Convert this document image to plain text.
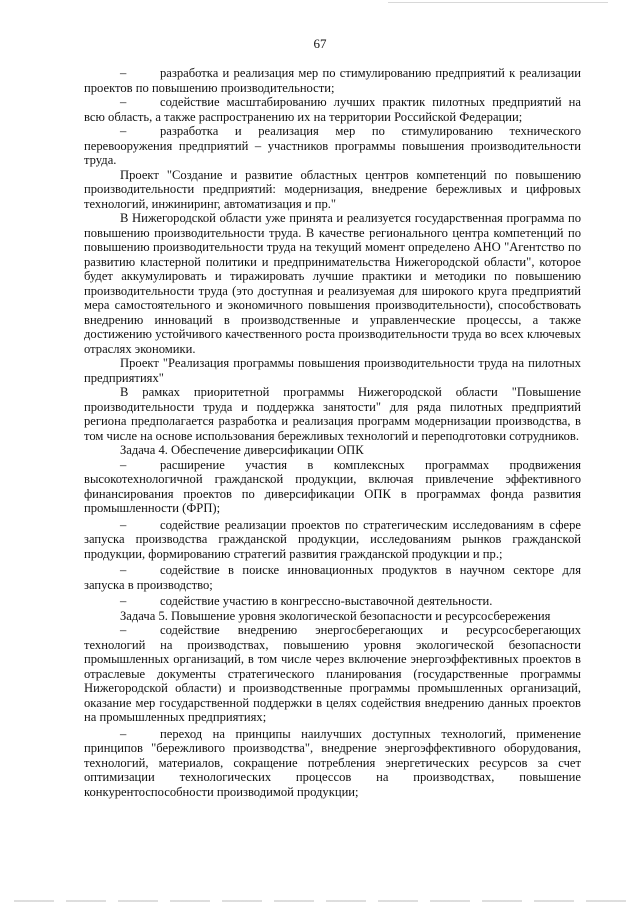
67

–	разработка и реализация мер по стимулированию предприятий к реализации проектов по повышению производительности;

–	содействие масштабированию лучших практик пилотных предприятий на всю область, а также распространению их на территории Российской Федерации;

–	разработка и реализация мер по стимулированию технического перевооружения предприятий – участников программы повышения производительности труда.

Проект "Создание и развитие областных центров компетенций по повышению производительности предприятий: модернизация, внедрение бережливых и цифровых технологий, инжиниринг, автоматизация и пр."

В Нижегородской области уже принята и реализуется государственная программа по повышению производительности труда. В качестве регионального центра компетенций по повышению производительности труда на текущий момент определено АНО "Агентство по развитию кластерной политики и предпринимательства Нижегородской области", которое будет аккумулировать и тиражировать лучшие практики и методики по повышению производительности труда (это доступная и реализуемая для широкого круга предприятий мера самостоятельного и экономичного повышения производительности), способствовать внедрению инноваций в производственные и управленческие процессы, а также достижению устойчивого качественного роста производительности труда во всех ключевых отраслях экономики.

Проект "Реализация программы повышения производительности труда на пилотных предприятиях"

В рамках приоритетной программы Нижегородской области "Повышение производительности труда и поддержка занятости" для ряда пилотных предприятий региона предполагается разработка и реализация программ модернизации производства, в том числе на основе использования бережливых технологий и переподготовки сотрудников.

Задача 4. Обеспечение диверсификации ОПК

–	расширение участия в комплексных программах продвижения высокотехнологичной гражданской продукции, включая привлечение эффективного финансирования проектов по диверсификации ОПК в программах фонда развития промышленности (ФРП);

–	содействие реализации проектов по стратегическим исследованиям в сфере запуска производства гражданской продукции, исследованиям рынков гражданской продукции, формированию стратегий развития гражданской продукции и пр.;

–	содействие в поиске инновационных продуктов в научном секторе для запуска в производство;

–	содействие участию в конгрессно-выставочной деятельности.

Задача 5. Повышение уровня экологической безопасности и ресурсосбережения

–	содействие внедрению энергосберегающих и ресурсосберегающих технологий на производствах, повышению уровня экологической безопасности промышленных организаций, в том числе через включение энергоэффективных проектов в отраслевые документы стратегического планирования (государственные программы Нижегородской области) и производственные программы промышленных организаций, оказание мер государственной поддержки в целях содействия внедрению данных проектов на промышленных предприятиях;

–	переход на принципы наилучших доступных технологий, применение принципов "бережливого производства", внедрение энергоэффективного оборудования, технологий, материалов, сокращение потребления энергетических ресурсов за счет оптимизации технологических процессов на производствах, повышение конкурентоспособности производимой продукции;
